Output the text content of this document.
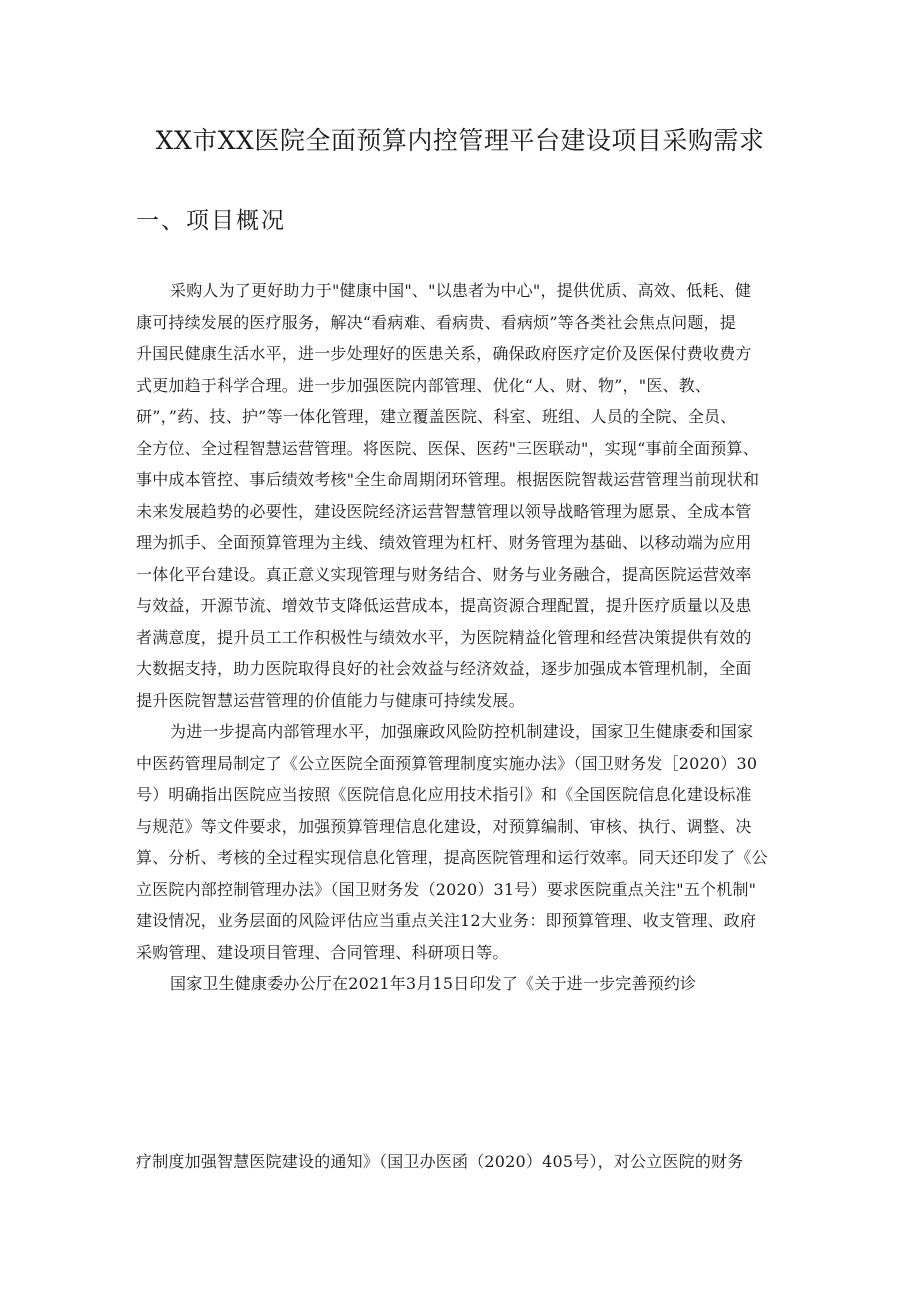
XX市XX医院全面预算内控管理平台建设项目采购需求
一、项目概况
采购人为了更好助力于"健康中国"、"以患者为中心"，提供优质、高效、低耗、健
康可持续发展的医疗服务，解决“看病难、看病贵、看病烦”等各类社会焦点问题，提
升国民健康生活水平，进一步处理好的医患关系，确保政府医疗定价及医保付费收费方
式更加趋于科学合理。进一步加强医院内部管理、优化“人、财、物”，"医、教、
研”，”药、技、护”等一体化管理，建立覆盖医院、科室、班组、人员的全院、全员、
全方位、全过程智慧运营管理。将医院、医保、医药"三医联动"，实现“事前全面预算、
事中成本管控、事后绩效考核"全生命周期闭环管理。根据医院智裁运营管理当前现状和
未来发展趋势的必要性，建设医院经济运营智慧管理以领导战略管理为愿景、全成本管
理为抓手、全面预算管理为主线、绩效管理为杠杆、财务管理为基础、以移动端为应用
一体化平台建设。真正意义实现管理与财务结合、财务与业务融合，提高医院运营效率
与效益，开源节流、增效节支降低运营成本，提高资源合理配置，提升医疗质量以及患
者满意度，提升员工工作积极性与绩效水平，为医院精益化管理和经营决策提供有效的
大数据支持，助力医院取得良好的社会效益与经济效益，逐步加强成本管理机制，全面
提升医院智慧运营管理的价值能力与健康可持续发展。
为进一步提高内部管理水平，加强廉政风险防控机制建设，国家卫生健康委和国家
中医药管理局制定了《公立医院全面预算管理制度实施办法》（国卫财务发［2020）30
号）明确指出医院应当按照《医院信息化应用技术指引》和《全国医院信息化建设标准
与规范》等文件要求，加强预算管理信息化建设，对预算编制、审核、执行、调整、决
算、分析、考核的全过程实现信息化管理，提高医院管理和运行效率。同天还印发了《公
立医院内部控制管理办法》（国卫财务发（2020）31号）要求医院重点关注"五个机制"
建设情况，业务层面的风险评估应当重点关注12大业务：即预算管理、收支管理、政府
采购管理、建设项目管理、合同管理、科研项日等。
国家卫生健康委办公厅在2021年3月15日印发了《关于进一步完善预约诊
疗制度加强智慧医院建设的通知》（国卫办医函（2020）405号），对公立医院的财务
